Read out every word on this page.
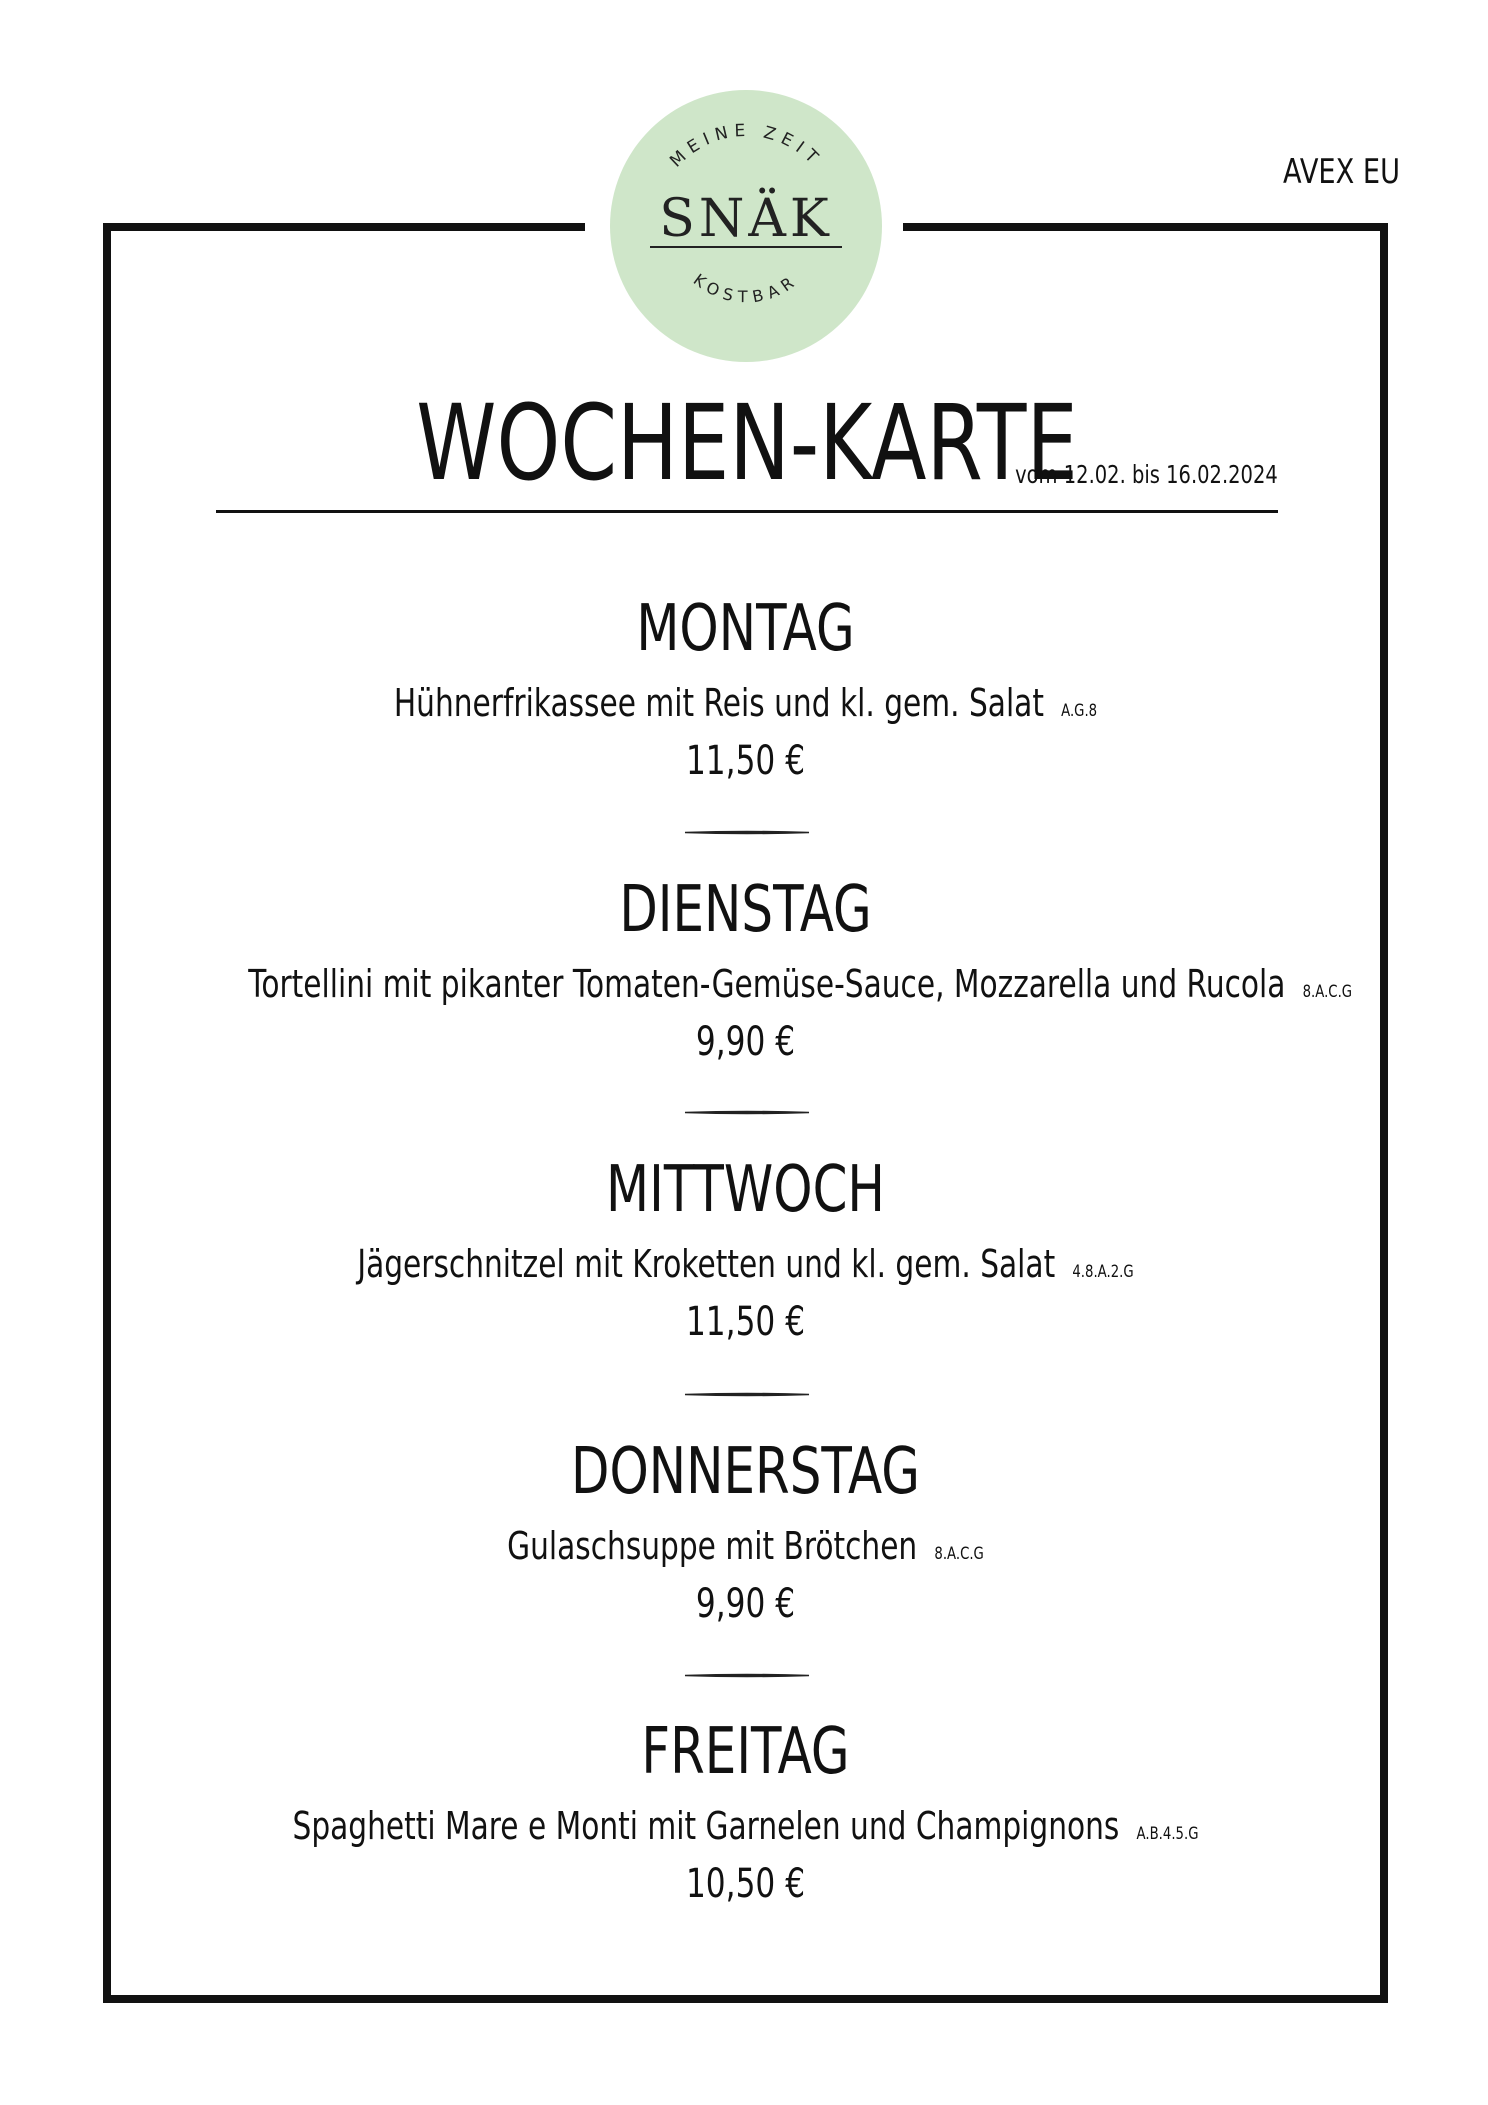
AVEX EU
MEINE ZEIT
SNÄK
KOSTBAR
WOCHEN-KARTE
vom 12.02. bis 16.02.2024
MONTAG
Hühnerfrikassee mit Reis und kl. gem. Salat A.G.8
11,50 €
DIENSTAG
Tortellini mit pikanter Tomaten-Gemüse-Sauce, Mozzarella und Rucola 8.A.C.G
9,90 €
MITTWOCH
Jägerschnitzel mit Kroketten und kl. gem. Salat 4.8.A.2.G
11,50 €
DONNERSTAG
Gulaschsuppe mit Brötchen 8.A.C.G
9,90 €
FREITAG
Spaghetti Mare e Monti mit Garnelen und Champignons A.B.4.5.G
10,50 €
